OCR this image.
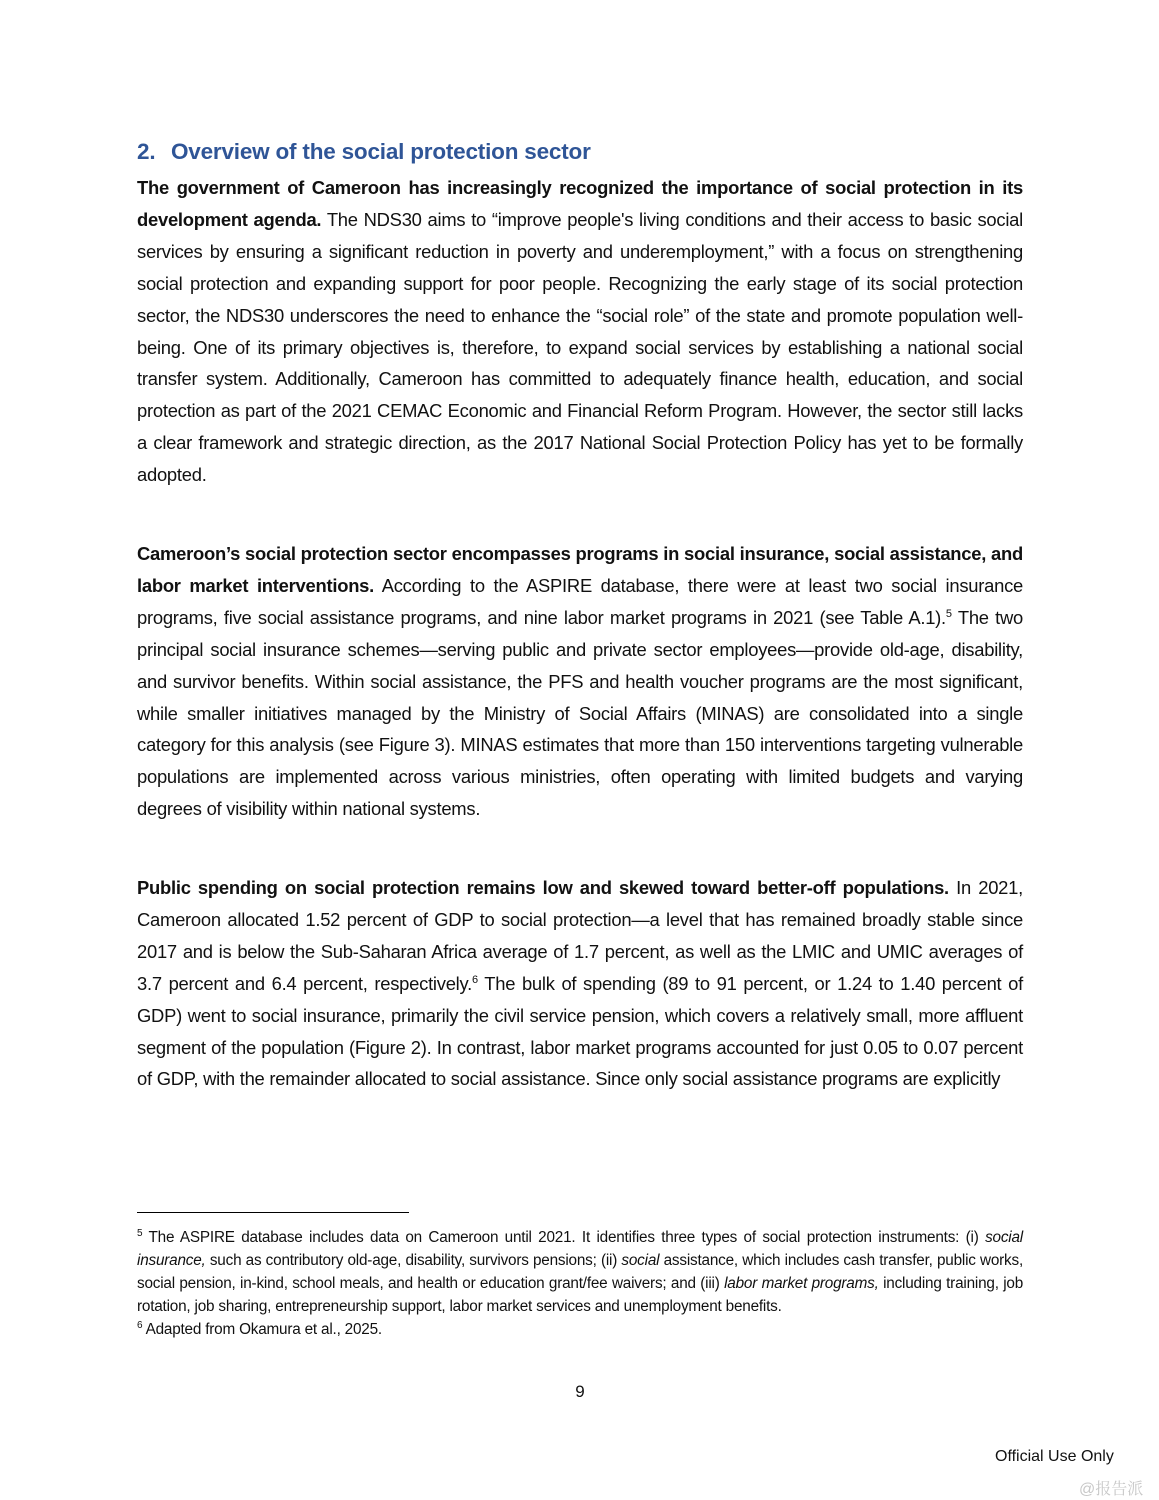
2. Overview of the social protection sector

The government of Cameroon has increasingly recognized the importance of social protection in its development agenda. The NDS30 aims to “improve people's living conditions and their access to basic social services by ensuring a significant reduction in poverty and underemployment,” with a focus on strengthening social protection and expanding support for poor people. Recognizing the early stage of its social protection sector, the NDS30 underscores the need to enhance the “social role” of the state and promote population well-being. One of its primary objectives is, therefore, to expand social services by establishing a national social transfer system. Additionally, Cameroon has committed to adequately finance health, education, and social protection as part of the 2021 CEMAC Economic and Financial Reform Program. However, the sector still lacks a clear framework and strategic direction, as the 2017 National Social Protection Policy has yet to be formally adopted.

Cameroon’s social protection sector encompasses programs in social insurance, social assistance, and labor market interventions. According to the ASPIRE database, there were at least two social insurance programs, five social assistance programs, and nine labor market programs in 2021 (see Table A.1).$^5$ The two principal social insurance schemes—serving public and private sector employees—provide old-age, disability, and survivor benefits. Within social assistance, the PFS and health voucher programs are the most significant, while smaller initiatives managed by the Ministry of Social Affairs (MINAS) are consolidated into a single category for this analysis (see Figure 3). MINAS estimates that more than 150 interventions targeting vulnerable populations are implemented across various ministries, often operating with limited budgets and varying degrees of visibility within national systems.

Public spending on social protection remains low and skewed toward better-off populations. In 2021, Cameroon allocated 1.52 percent of GDP to social protection—a level that has remained broadly stable since 2017 and is below the Sub-Saharan Africa average of 1.7 percent, as well as the LMIC and UMIC averages of 3.7 percent and 6.4 percent, respectively.$^6$ The bulk of spending (89 to 91 percent, or 1.24 to 1.40 percent of GDP) went to social insurance, primarily the civil service pension, which covers a relatively small, more affluent segment of the population (Figure 2). In contrast, labor market programs accounted for just 0.05 to 0.07 percent of GDP, with the remainder allocated to social assistance. Since only social assistance programs are explicitly

$^5$ The ASPIRE database includes data on Cameroon until 2021. It identifies three types of social protection instruments: (i) social insurance, such as contributory old-age, disability, survivors pensions; (ii) social assistance, which includes cash transfer, public works, social pension, in-kind, school meals, and health or education grant/fee waivers; and (iii) labor market programs, including training, job rotation, job sharing, entrepreneurship support, labor market services and unemployment benefits.

$^6$ Adapted from Okamura et al., 2025.

9
Official Use Only
@报告派
